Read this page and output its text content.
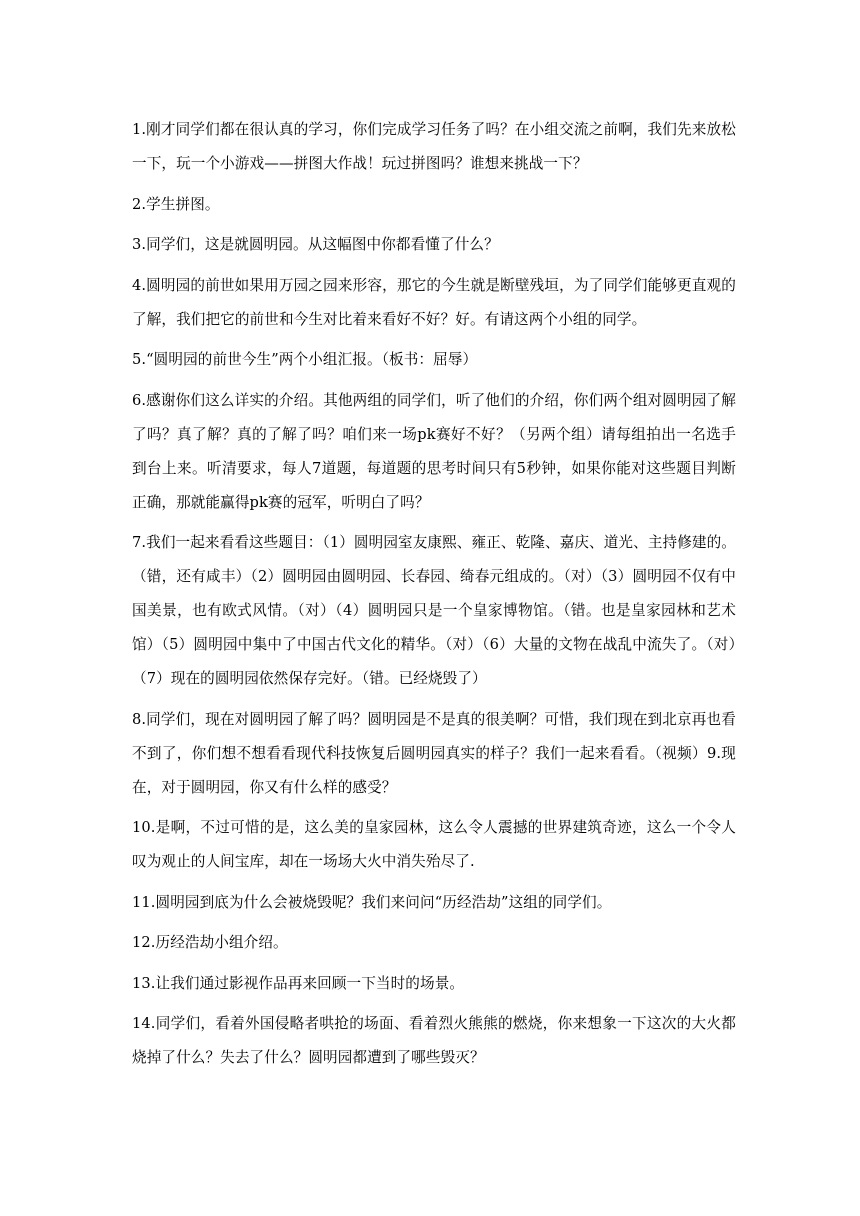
1.刚才同学们都在很认真的学习，你们完成学习任务了吗？在小组交流之前啊，我们先来放松一下，玩一个小游戏——拼图大作战！玩过拼图吗？谁想来挑战一下？

2.学生拼图。

3.同学们，这是就圆明园。从这幅图中你都看懂了什么？

4.圆明园的前世如果用万园之园来形容，那它的今生就是断壁残垣，为了同学们能够更直观的了解，我们把它的前世和今生对比着来看好不好？好。有请这两个小组的同学。

5.“圆明园的前世今生”两个小组汇报。（板书：屈辱）

6.感谢你们这么详实的介绍。其他两组的同学们，听了他们的介绍，你们两个组对圆明园了解了吗？真了解？真的了解了吗？咱们来一场pk赛好不好？（另两个组）请每组拍出一名选手到台上来。听清要求，每人7道题，每道题的思考时间只有5秒钟，如果你能对这些题目判断正确，那就能赢得pk赛的冠军，听明白了吗？

7.我们一起来看看这些题目：（1）圆明园室友康熙、雍正、乾隆、嘉庆、道光、主持修建的。（错，还有咸丰）（2）圆明园由圆明园、长春园、绮春元组成的。（对）（3）圆明园不仅有中国美景，也有欧式风情。（对）（4）圆明园只是一个皇家博物馆。（错。也是皇家园林和艺术馆）（5）圆明园中集中了中国古代文化的精华。（对）（6）大量的文物在战乱中流失了。（对）（7）现在的圆明园依然保存完好。（错。已经烧毁了）

8.同学们，现在对圆明园了解了吗？圆明园是不是真的很美啊？可惜，我们现在到北京再也看不到了，你们想不想看看现代科技恢复后圆明园真实的样子？我们一起来看看。（视频）9.现在，对于圆明园，你又有什么样的感受？

10.是啊，不过可惜的是，这么美的皇家园林，这么令人震撼的世界建筑奇迹，这么一个令人叹为观止的人间宝库，却在一场场大火中消失殆尽了.

11.圆明园到底为什么会被烧毁呢？我们来问问“历经浩劫”这组的同学们。

12.历经浩劫小组介绍。

13.让我们通过影视作品再来回顾一下当时的场景。

14.同学们，看着外国侵略者哄抢的场面、看着烈火熊熊的燃烧，你来想象一下这次的大火都烧掉了什么？失去了什么？圆明园都遭到了哪些毁灭？
